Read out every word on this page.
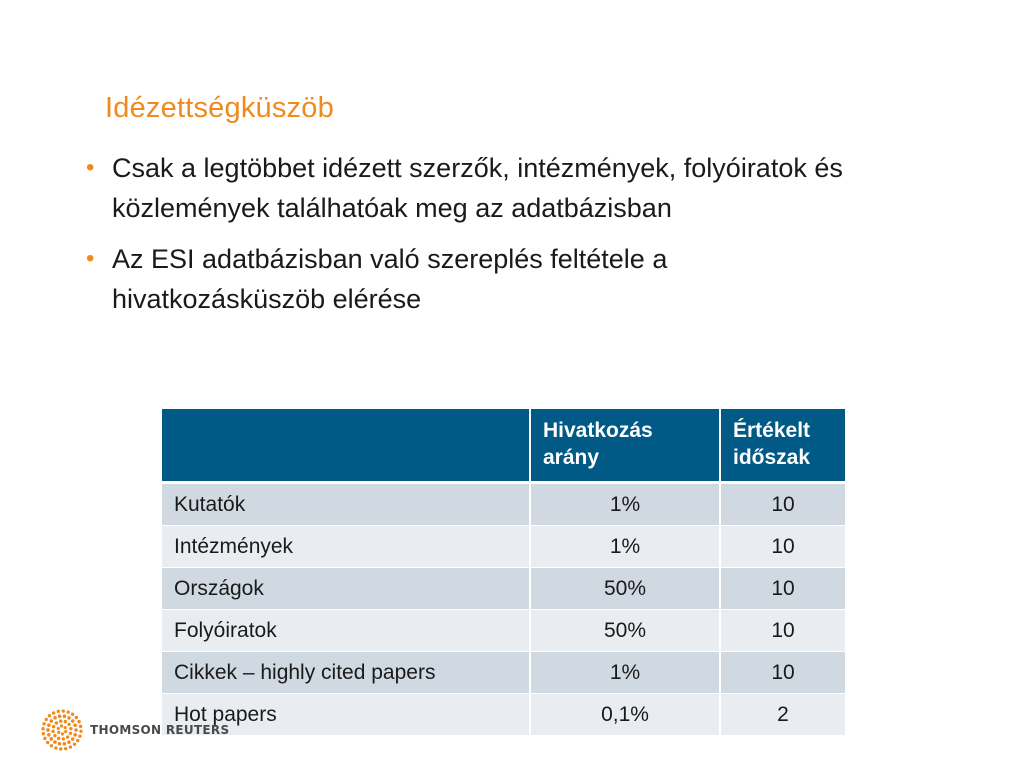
Idézettségküszöb
• Csak a legtöbbet idézett szerzők, intézmények, folyóiratok és közlemények találhatóak meg az adatbázisban
• Az ESI adatbázisban való szereplés feltétele a hivatkozásküszöb elérése
	Hivatkozás arány	Értékelt időszak
Kutatók	1%	10
Intézmények	1%	10
Országok	50%	10
Folyóiratok	50%	10
Cikkek – highly cited papers	1%	10
Hot papers	0,1%	2
THOMSON REUTERS
